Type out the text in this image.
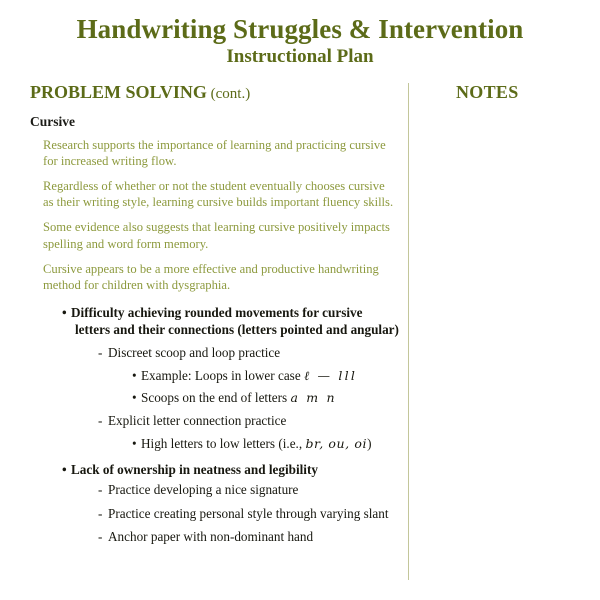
Handwriting Struggles & Intervention
Instructional Plan
PROBLEM SOLVING (cont.)
Cursive
Research supports the importance of learning and practicing cursive for increased writing flow.
Regardless of whether or not the student eventually chooses cursive as their writing style, learning cursive builds important fluency skills.
Some evidence also suggests that learning cursive positively impacts spelling and word form memory.
Cursive appears to be a more effective and productive handwriting method for children with dysgraphia.
• Difficulty achieving rounded movements for cursive letters and their connections (letters pointed and angular)
- Discreet scoop and loop practice
• Example: Loops in lower case ℓ — lll
• Scoops on the end of letters a m n
- Explicit letter connection practice
• High letters to low letters (i.e., br, ou, oi)
• Lack of ownership in neatness and legibility
- Practice developing a nice signature
- Practice creating personal style through varying slant
- Anchor paper with non-dominant hand
NOTES
